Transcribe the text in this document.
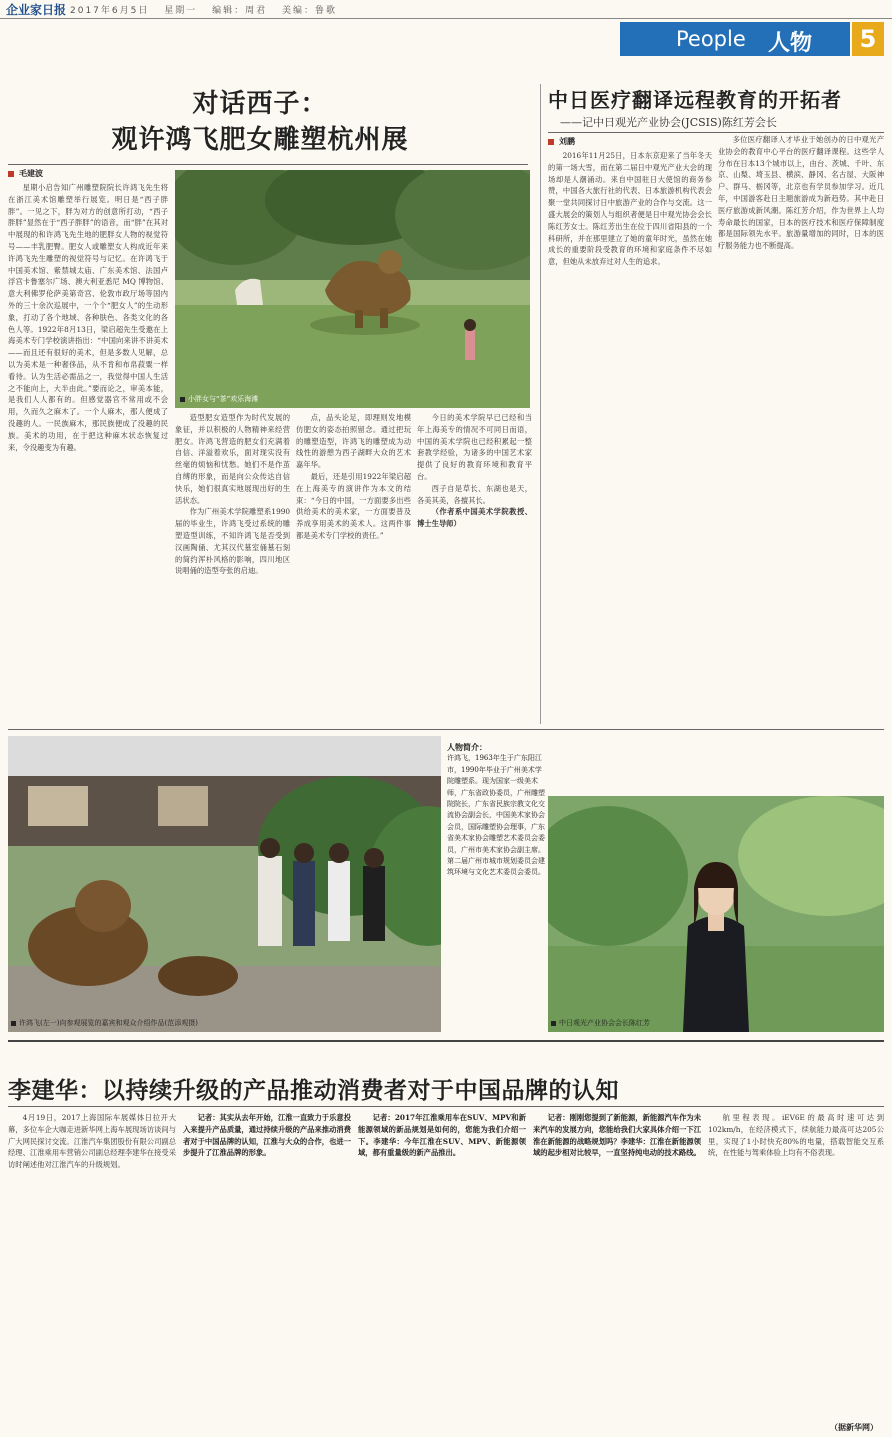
企业家日报 2017年6月5日 星期一 编辑：周君 美编：鲁歌
People 人物	5
对话西子：
观许鸿飞肥女雕塑杭州展
毛建波

星期小启告知广州雕塑院院长许鸿飞先生将在浙江美术馆雕塑举行展览。明日是“西子胖胖”。一见之下，胖为对方的创意所打动，“西子胖胖”显然在于“西子胖胖”的语音，而“胖”在其对中展现的和许鸿飞先生地的肥胖女人物的视觉符号——丰乳肥臀。肥女人或雕塑女人构成近年来许鸿飞先生雕塑的视觉符号与记忆。在许鸿飞于中国美术馆、紫禁城太庙、广东美术馆、法国卢浮宫卡鲁塞尔广场、澳大利亚悉尼 MQ 博物馆、意大利佛罗伦萨美第奇宫、伦敦市政厅场等国内外的三十余次巡展中，一个个“肥女人”的生动形象，打动了各个地域、各种肤色、各类文化的各色人等。1922年8月13日，梁启超先生受邀在上海美术专门学校演讲指出：“中国向来讲不讲美术——而且还有很好的美术，但是多数人见解，总以为美术是一种奢侈品，从不肯和布帛菽粟一样看待。认为生活必需品之一，我觉得中国人生活之不能向上，大半由此。”要而论之，审美本能，是我们人人都有的。但感觉器官不常用或不会用，久而久之麻木了。一个人麻木，那人便成了没趣的人。一民族麻木，那民族便成了没趣的民族。美术的功用，在于把这种麻木状态恢复过来，令没趣变为有趣。

小胖女与“茶”欢乐海滩

造型肥女造型作为时代发展的象征，并以积极的人物精神来经营肥女。许鸿飞营造的肥女们充满着自信、洋溢着欢乐，面对现实没有丝毫的烦恼和忧愁。她们不是作茧自缚的形象，而是向公众传达自信快乐，她们很真实地展现出好的生活状态。

作为广州美术学院雕塑系1990届的毕业生，许鸿飞受过系统的雕塑造型训练，不知许鸿飞是否受到汉画陶俑、尤其汉代墓室俑墓石刻的简约浑朴风格的影响，四川地区说唱俑的造型夸张的启迪。

点，品头论足，即理则发地模仿肥女的姿态拍照留念。通过把玩的雕塑造型，许鸿飞的雕塑成为动线性的游憩为西子湖畔大众的艺术嘉年华。

最后，还是引用1922年梁启超在上海美专的演讲作为本文的结束：“今日的中国，一方面要多出些供给美术的美术家，一方面要普及养成享用美术的美术人。这两件事都是美术专门学校的责任。”

今日的美术学院早已已经和当年上海美专的情况不可同日而语，中国的美术学院也已经积累起一整套教学经验，为诸多的中国艺术家提供了良好的教育环境和教育平台。

西子自是草长、东湖也是天，各美其美，各擅其长。

（作者系中国美术学院教授、博士生导师）

中日医疗翻译远程教育的开拓者
——记中日观光产业协会(JCSIS)陈红芳会长
刘鹏

2016年11月25日，日本东京迎来了当年冬天的第一场大雪，而在第二届日中观光产业大会的现场却是人潮涌动。来自中国驻日大使馆的商务参赞，中国各大旅行社的代表、日本旅游机构代表会聚一堂共同探讨日中旅游产业的合作与交流。这一盛大展会的策划人与组织者便是日中观光协会会长陈红芳女士。陈红芳出生在位于四川省阳县的一个科研所，并在那里建立了她的童年时光，虽然在她成长的重要阶段受教育的环境和家庭条件不尽如意，但她从未放弃过对人生的追求。

多位医疗翻译人才毕业于她创办的日中观光产业协会的教育中心平台的医疗翻译课程。这些学人分布在日本13个城市以上，由台、茨城、千叶、东京、山梨、埼玉县、横滨、静冈、名古屋、大阪神户、群马、栃冈等，北京也有学员参加学习。近几年，中国游客赴日主题旅游成为新趋势。其中赴日医疗旅游成新风潮。陈红芳介绍，作为世界上人均寿命最长的国家，日本的医疗技术和医疗保障制度都是国际领先水平。旅游量增加的同时，日本的医疗服务能力也不断提高。

许鸿飞(左一)向参观展览的嘉宾和观众介绍作品(范添观摄)
人物简介：
许鸿飞，1963年生于广东阳江市，1990年毕业于广州美术学院雕塑系。现为国家一级美术师，广东省政协委员，广州雕塑院院长，广东省民族宗教文化交流协会副会长，中国美术家协会会员，国际雕塑协会理事，广东省美术家协会雕塑艺术委员会委员，广州市美术家协会副主席。第二届广州市城市规划委员会建筑环境与文化艺术委员会委员。
中日观光产业协会会长陈红芳
李建华：以持续升级的产品推动消费者对于中国品牌的认知

4月19日，2017上海国际车展媒体日拉开大幕，多位车企大咖走进新华网上海车展现场访谈间与广大网民探讨交流。江淮汽车集团股份有限公司副总经理、江淮乘用车营销公司副总经理李建华在接受采访时阐述他对江淮汽车的升级规划。

记者：其实从去年开始，江淮一直致力于乐意投入来提升产品质量，通过持续升级的产品来推动消费者对于中国品牌的认知，江淮与大众的合作，也进一步提升了江淮品牌的形象。

记者：2017年江淮乘用车在SUV、MPV和新能源领域的新品规划是如何的，您能为我们介绍一下。李建华：今年江淮在SUV、MPV、新能源领域，都有重量级的新产品推出。

记者：刚刚您提到了新能源，新能源汽车作为未来汽车的发展方向，您能给我们大家具体介绍一下江淮在新能源的战略规划吗？李建华：江淮在新能源领域的起步相对比较早，一直坚持纯电动的技术路线。

航里程表现。iEV6E的最高时速可达到102km/h，在经济模式下，续航能力最高可达205公里，实现了1小时快充80%的电量，搭载智能交互系统，在性能与驾乘体验上均有不俗表现。

（据新华网）
